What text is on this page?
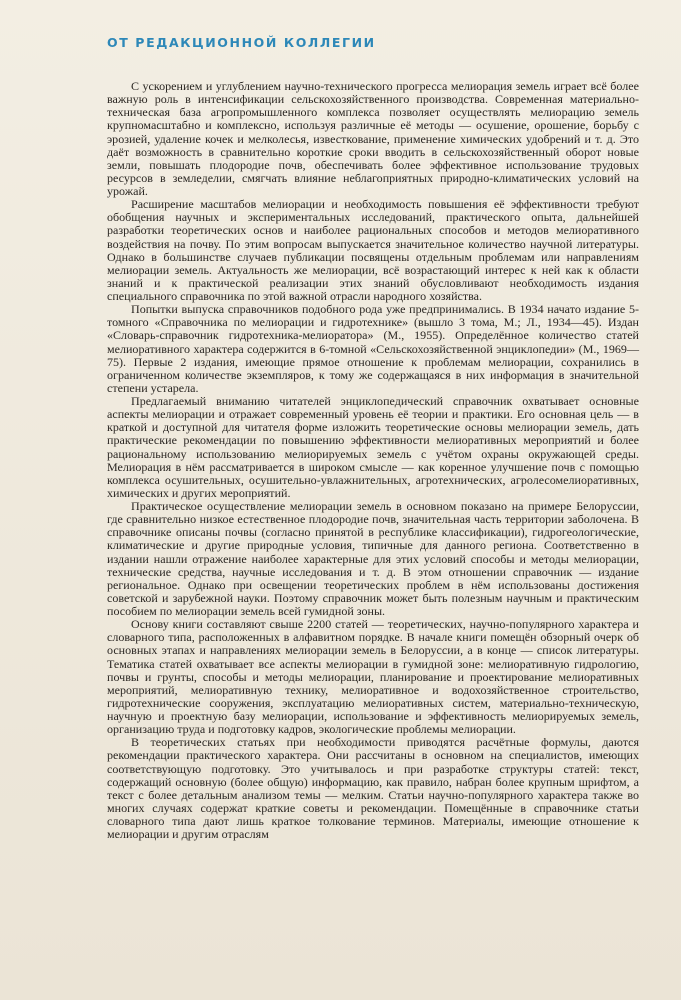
ОТ РЕДАКЦИОННОЙ КОЛЛЕГИИ

С ускорением и углублением научно-технического прогресса мелиорация земель играет всё более важную роль в интенсификации сельскохозяйственного производства. Современная материально-техническая база агропромышленного комплекса позволяет осуществлять мелиорацию земель крупномасштабно и комплексно, используя различные её методы — осушение, орошение, борьбу с эрозией, удаление кочек и мелколесья, известкование, применение химических удобрений и т. д. Это даёт возможность в сравнительно короткие сроки вводить в сельскохозяйственный оборот новые земли, повышать плодородие почв, обеспечивать более эффективное использование трудовых ресурсов в земледелии, смягчать влияние неблагоприятных природно-климатических условий на урожай.

Расширение масштабов мелиорации и необходимость повышения её эффективности требуют обобщения научных и экспериментальных исследований, практического опыта, дальнейшей разработки теоретических основ и наиболее рациональных способов и методов мелиоративного воздействия на почву. По этим вопросам выпускается значительное количество научной литературы. Однако в большинстве случаев публикации посвящены отдельным проблемам или направлениям мелиорации земель. Актуальность же мелиорации, всё возрастающий интерес к ней как к области знаний и к практической реализации этих знаний обусловливают необходимость издания специального справочника по этой важной отрасли народного хозяйства.

Попытки выпуска справочников подобного рода уже предпринимались. В 1934 начато издание 5-томного «Справочника по мелиорации и гидротехнике» (вышло 3 тома, М.; Л., 1934—45). Издан «Словарь-справочник гидротехника-мелиоратора» (М., 1955). Определённое количество статей мелиоративного характера содержится в 6-томной «Сельскохозяйственной энциклопедии» (М., 1969—75). Первые 2 издания, имеющие прямое отношение к проблемам мелиорации, сохранились в ограниченном количестве экземпляров, к тому же содержащаяся в них информация в значительной степени устарела.

Предлагаемый вниманию читателей энциклопедический справочник охватывает основные аспекты мелиорации и отражает современный уровень её теории и практики. Его основная цель — в краткой и доступной для читателя форме изложить теоретические основы мелиорации земель, дать практические рекомендации по повышению эффективности мелиоративных мероприятий и более рациональному использованию мелиорируемых земель с учётом охраны окружающей среды. Мелиорация в нём рассматривается в широком смысле — как коренное улучшение почв с помощью комплекса осушительных, осушительно-увлажнительных, агротехнических, агролесомелиоративных, химических и других мероприятий.

Практическое осуществление мелиорации земель в основном показано на примере Белоруссии, где сравнительно низкое естественное плодородие почв, значительная часть территории заболочена. В справочнике описаны почвы (согласно принятой в республике классификации), гидрогеологические, климатические и другие природные условия, типичные для данного региона. Соответственно в издании нашли отражение наиболее характерные для этих условий способы и методы мелиорации, технические средства, научные исследования и т. д. В этом отношении справочник — издание региональное. Однако при освещении теоретических проблем в нём использованы достижения советской и зарубежной науки. Поэтому справочник может быть полезным научным и практическим пособием по мелиорации земель всей гумидной зоны.

Основу книги составляют свыше 2200 статей — теоретических, научно-популярного характера и словарного типа, расположенных в алфавитном порядке. В начале книги помещён обзорный очерк об основных этапах и направлениях мелиорации земель в Белоруссии, а в конце — список литературы. Тематика статей охватывает все аспекты мелиорации в гумидной зоне: мелиоративную гидрологию, почвы и грунты, способы и методы мелиорации, планирование и проектирование мелиоративных мероприятий, мелиоративную технику, мелиоративное и водохозяйственное строительство, гидротехнические сооружения, эксплуатацию мелиоративных систем, материально-техническую, научную и проектную базу мелиорации, использование и эффективность мелиорируемых земель, организацию труда и подготовку кадров, экологические проблемы мелиорации.

В теоретических статьях при необходимости приводятся расчётные формулы, даются рекомендации практического характера. Они рассчитаны в основном на специалистов, имеющих соответствующую подготовку. Это учитывалось и при разработке структуры статей: текст, содержащий основную (более общую) информацию, как правило, набран более крупным шрифтом, а текст с более детальным анализом темы — мелким. Статьи научно-популярного характера также во многих случаях содержат краткие советы и рекомендации. Помещённые в справочнике статьи словарного типа дают лишь краткое толкование терминов. Материалы, имеющие отношение к мелиорации и другим отраслям
